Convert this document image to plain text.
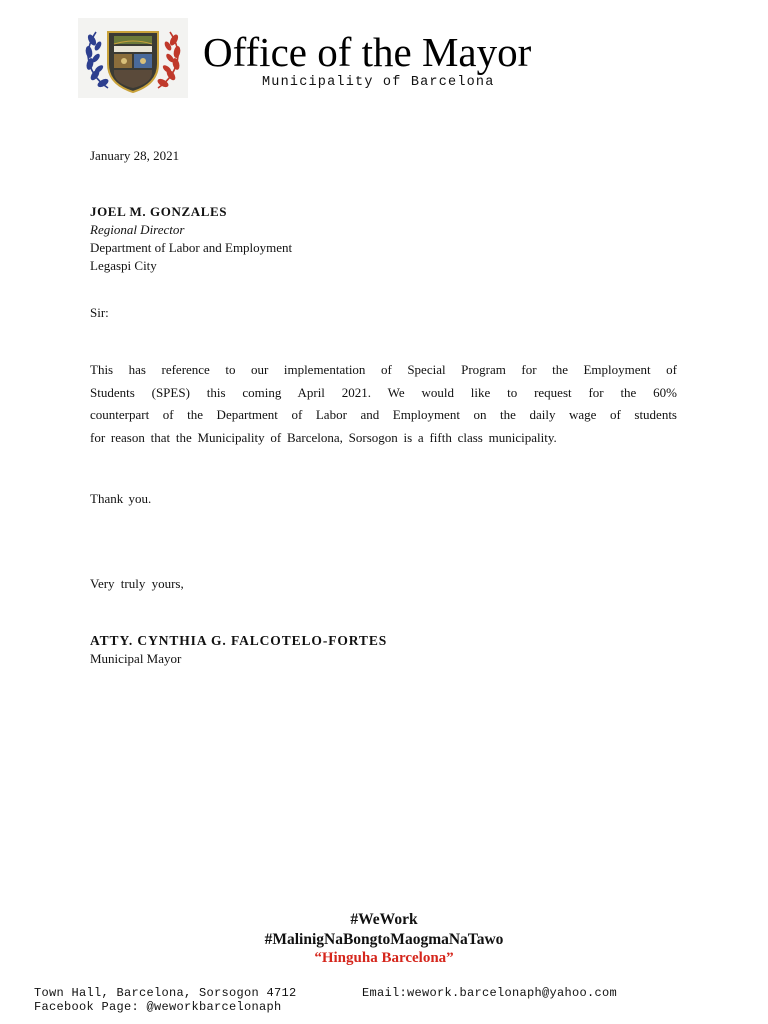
Office of the Mayor
Municipality of Barcelona
January 28, 2021
JOEL M. GONZALES
Regional Director
Department of Labor and Employment
Legaspi City
Sir:
This has reference to our implementation of Special Program for the Employment of
Students (SPES) this coming April 2021. We would like to request for the 60%
counterpart of the Department of Labor and Employment on the daily wage of students
for reason that the Municipality of Barcelona, Sorsogon is a fifth class municipality.
Thank you.
Very truly yours,
ATTY. CYNTHIA G. FALCOTELO-FORTES
Municipal Mayor
#WeWork
#MalinigNaBongtoMaogmaNaTawo
“Hinguha Barcelona”
Town Hall, Barcelona, Sorsogon 4712	Email:wework.barcelonaph@yahoo.com
Facebook Page: @weworkbarcelonaph
